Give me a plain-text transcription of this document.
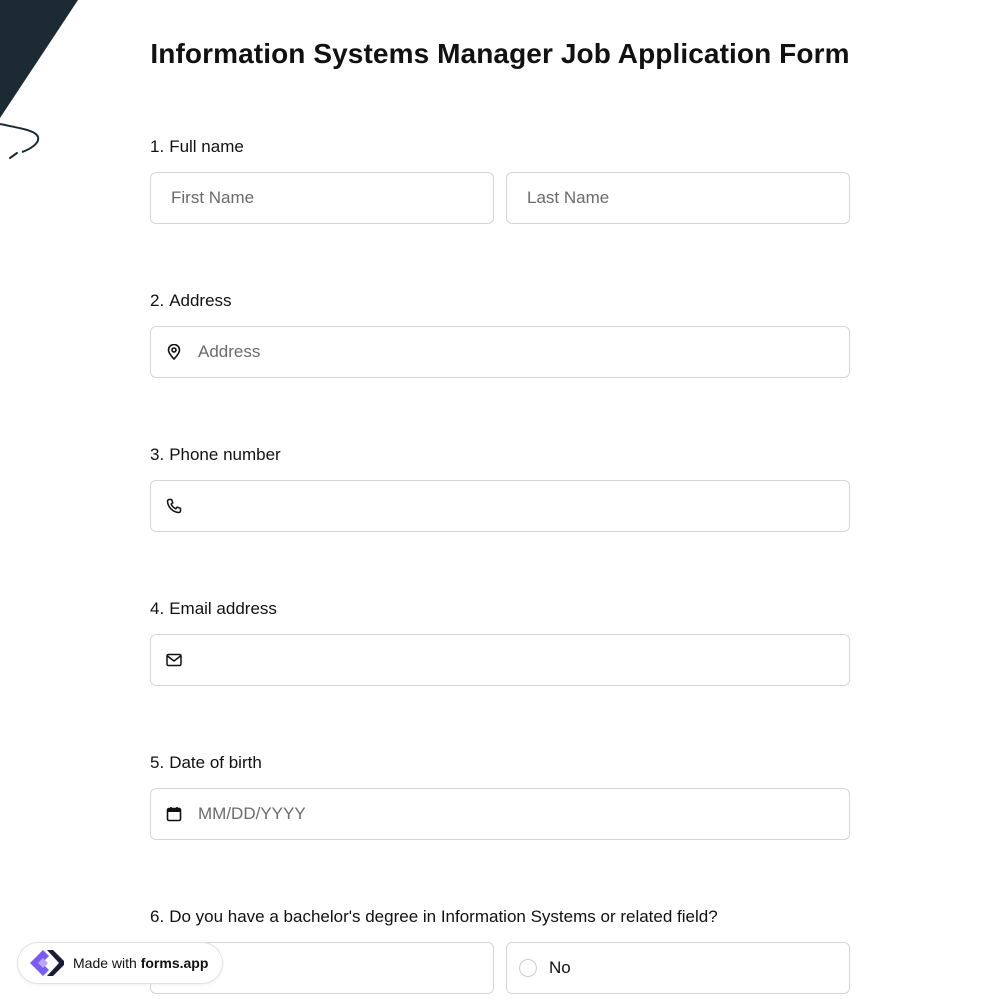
Information Systems Manager Job Application Form
1. Full name
First Name
Last Name
2. Address
Address
3. Phone number
4. Email address
5. Date of birth
MM/DD/YYYY
6. Do you have a bachelor's degree in Information Systems or related field?
No
Made with forms.app
